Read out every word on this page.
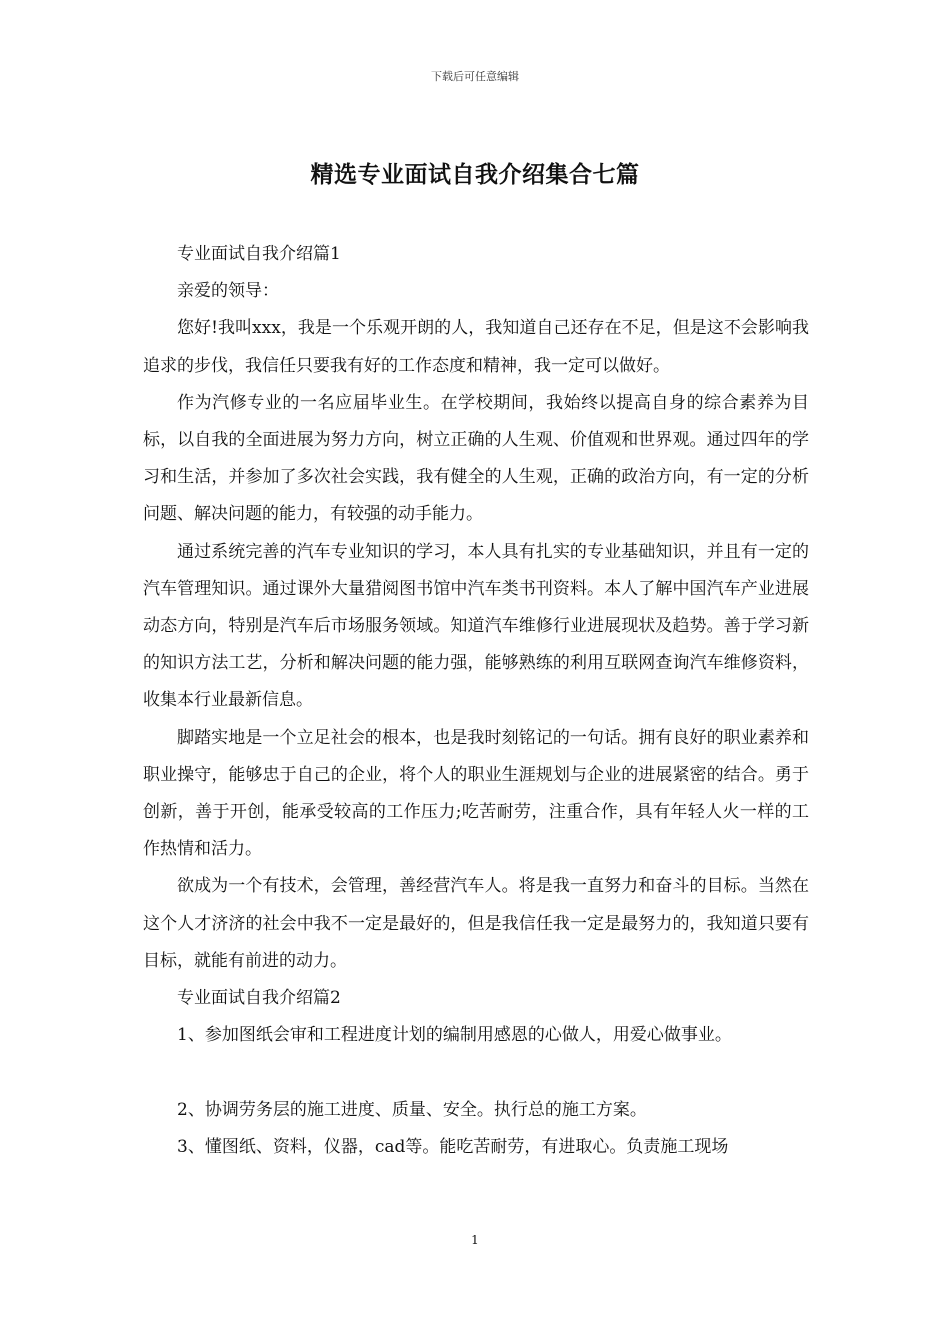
下载后可任意编辑
精选专业面试自我介绍集合七篇

专业面试自我介绍篇1

亲爱的领导：

您好!我叫xxx，我是一个乐观开朗的人，我知道自己还存在不足，但是这不会影响我追求的步伐，我信任只要我有好的工作态度和精神，我一定可以做好。

作为汽修专业的一名应届毕业生。在学校期间，我始终以提高自身的综合素养为目标，以自我的全面进展为努力方向，树立正确的人生观、价值观和世界观。通过四年的学习和生活，并参加了多次社会实践，我有健全的人生观，正确的政治方向，有一定的分析问题、解决问题的能力，有较强的动手能力。

通过系统完善的汽车专业知识的学习，本人具有扎实的专业基础知识，并且有一定的汽车管理知识。通过课外大量猎阅图书馆中汽车类书刊资料。本人了解中国汽车产业进展动态方向，特别是汽车后市场服务领域。知道汽车维修行业进展现状及趋势。善于学习新的知识方法工艺，分析和解决问题的能力强，能够熟练的利用互联网查询汽车维修资料，收集本行业最新信息。

脚踏实地是一个立足社会的根本，也是我时刻铭记的一句话。拥有良好的职业素养和职业操守，能够忠于自己的企业，将个人的职业生涯规划与企业的进展紧密的结合。勇于创新，善于开创，能承受较高的工作压力;吃苦耐劳，注重合作，具有年轻人火一样的工作热情和活力。

欲成为一个有技术，会管理，善经营汽车人。将是我一直努力和奋斗的目标。当然在这个人才济济的社会中我不一定是最好的，但是我信任我一定是最努力的，我知道只要有目标，就能有前进的动力。

专业面试自我介绍篇2

1、参加图纸会审和工程进度计划的编制用感恩的心做人，用爱心做事业。

2、协调劳务层的施工进度、质量、安全。执行总的施工方案。

3、懂图纸、资料，仪器，cad等。能吃苦耐劳，有进取心。负责施工现场

1
